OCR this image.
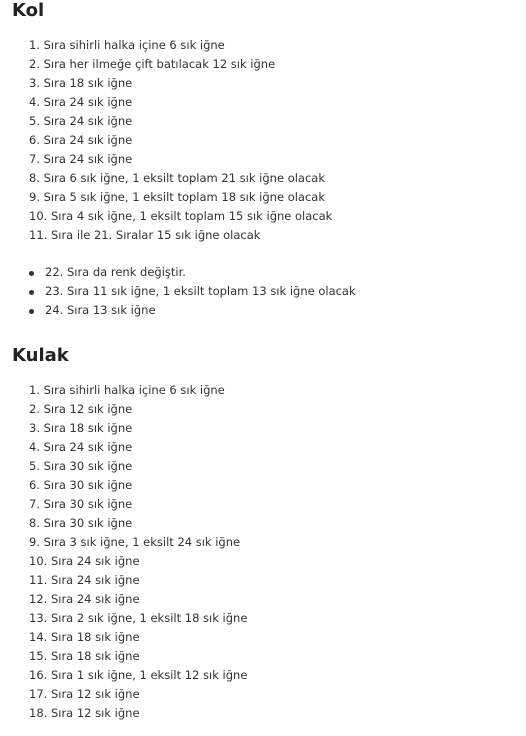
Kol
1. Sıra sihirli halka içine 6 sık iğne
2. Sıra her ilmeğe çift batılacak 12 sık iğne
3. Sıra 18 sık iğne
4. Sıra 24 sık iğne
5. Sıra 24 sık iğne
6. Sıra 24 sık iğne
7. Sıra 24 sık iğne
8. Sıra 6 sık iğne, 1 eksilt toplam 21 sık iğne olacak
9. Sıra 5 sık iğne, 1 eksilt toplam 18 sık iğne olacak
10. Sıra 4 sık iğne, 1 eksilt toplam 15 sık iğne olacak
11. Sıra ile 21. Sıralar 15 sık iğne olacak
22. Sıra da renk değiştir.
23. Sıra 11 sık iğne, 1 eksilt toplam 13 sık iğne olacak
24. Sıra 13 sık iğne
Kulak
1. Sıra sihirli halka içine 6 sık iğne
2. Sıra 12 sık iğne
3. Sıra 18 sık iğne
4. Sıra 24 sık iğne
5. Sıra 30 sık iğne
6. Sıra 30 sık iğne
7. Sıra 30 sık iğne
8. Sıra 30 sık iğne
9. Sıra 3 sık iğne, 1 eksilt 24 sık iğne
10. Sıra 24 sık iğne
11. Sıra 24 sık iğne
12. Sıra 24 sık iğne
13. Sıra 2 sık iğne, 1 eksilt 18 sık iğne
14. Sıra 18 sık iğne
15. Sıra 18 sık iğne
16. Sıra 1 sık iğne, 1 eksilt 12 sık iğne
17. Sıra 12 sık iğne
18. Sıra 12 sık iğne
